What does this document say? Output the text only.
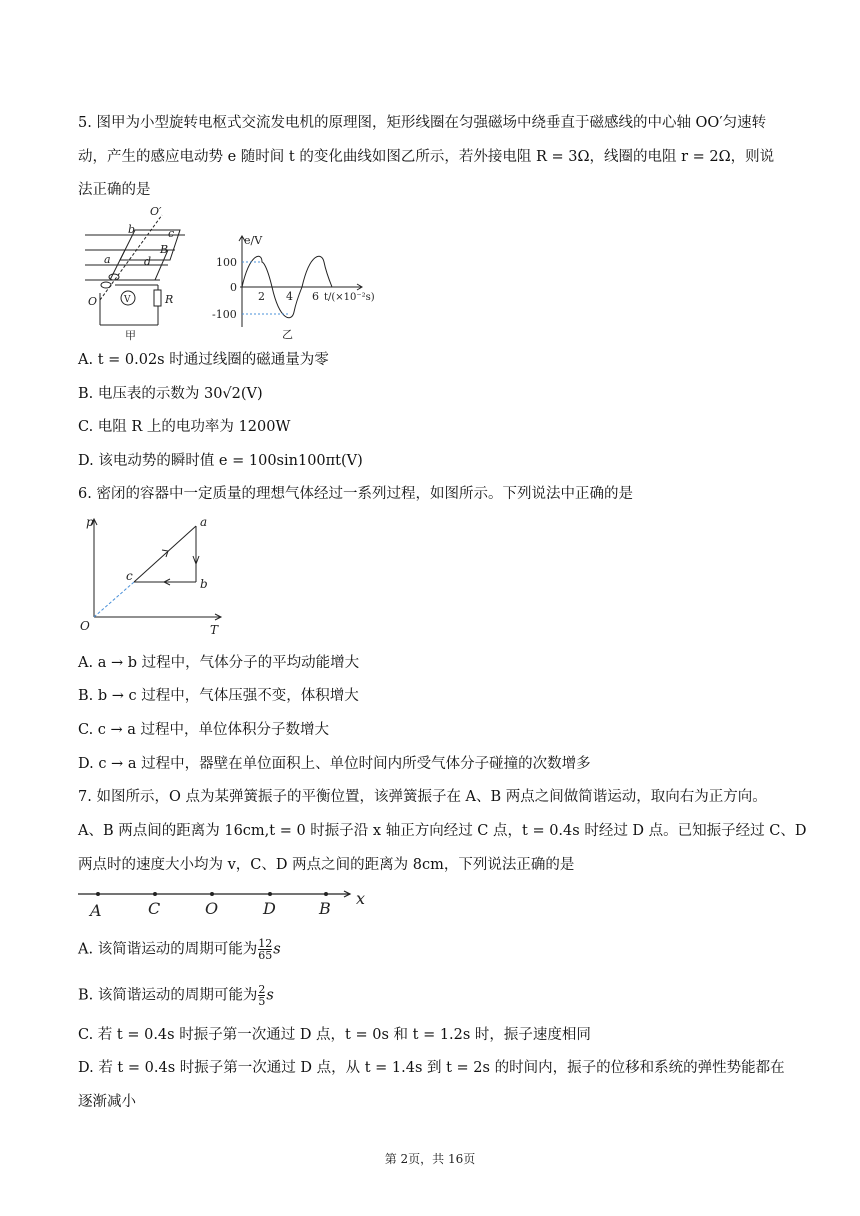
5. 图甲为小型旋转电枢式交流发电机的原理图，矩形线圈在匀强磁场中绕垂直于磁感线的中心轴 OO′匀速转
动，产生的感应电动势 e 随时间 t 的变化曲线如图乙所示，若外接电阻 R = 3Ω，线圈的电阻 r = 2Ω，则说
法正确的是
O′
b	c
B
a	d
O	V	R
甲
e/V
100
0
-100
2 4 6 t/(×10⁻²s)
乙
A. t = 0.02s 时通过线圈的磁通量为零
B. 电压表的示数为 30√2(V)
C. 电阻 R 上的电功率为 1200W
D. 该电动势的瞬时值 e = 100sin100πt(V)
6. 密闭的容器中一定质量的理想气体经过一系列过程，如图所示。下列说法中正确的是
p
T
O
a
b
c
A. a → b 过程中，气体分子的平均动能增大
B. b → c 过程中，气体压强不变，体积增大
C. c → a 过程中，单位体积分子数增大
D. c → a 过程中，器壁在单位面积上、单位时间内所受气体分子碰撞的次数增多
7. 如图所示，O 点为某弹簧振子的平衡位置，该弹簧振子在 A、B 两点之间做简谐运动，取向右为正方向。
A、B 两点间的距离为 16cm,t = 0 时振子沿 x 轴正方向经过 C 点，t = 0.4s 时经过 D 点。已知振子经过 C、D
两点时的速度大小均为 v，C、D 两点之间的距离为 8cm，下列说法正确的是
A	C	O	D	B
x
A. 该简谐运动的周期可能为 $\frac{12}{65}$ s
B. 该简谐运动的周期可能为 $\frac{2}{5}$ s
C. 若 t = 0.4s 时振子第一次通过 D 点，t = 0s 和 t = 1.2s 时，振子速度相同
D. 若 t = 0.4s 时振子第一次通过 D 点，从 t = 1.4s 到 t = 2s 的时间内，振子的位移和系统的弹性势能都在
逐渐减小
第 2页，共 16页
